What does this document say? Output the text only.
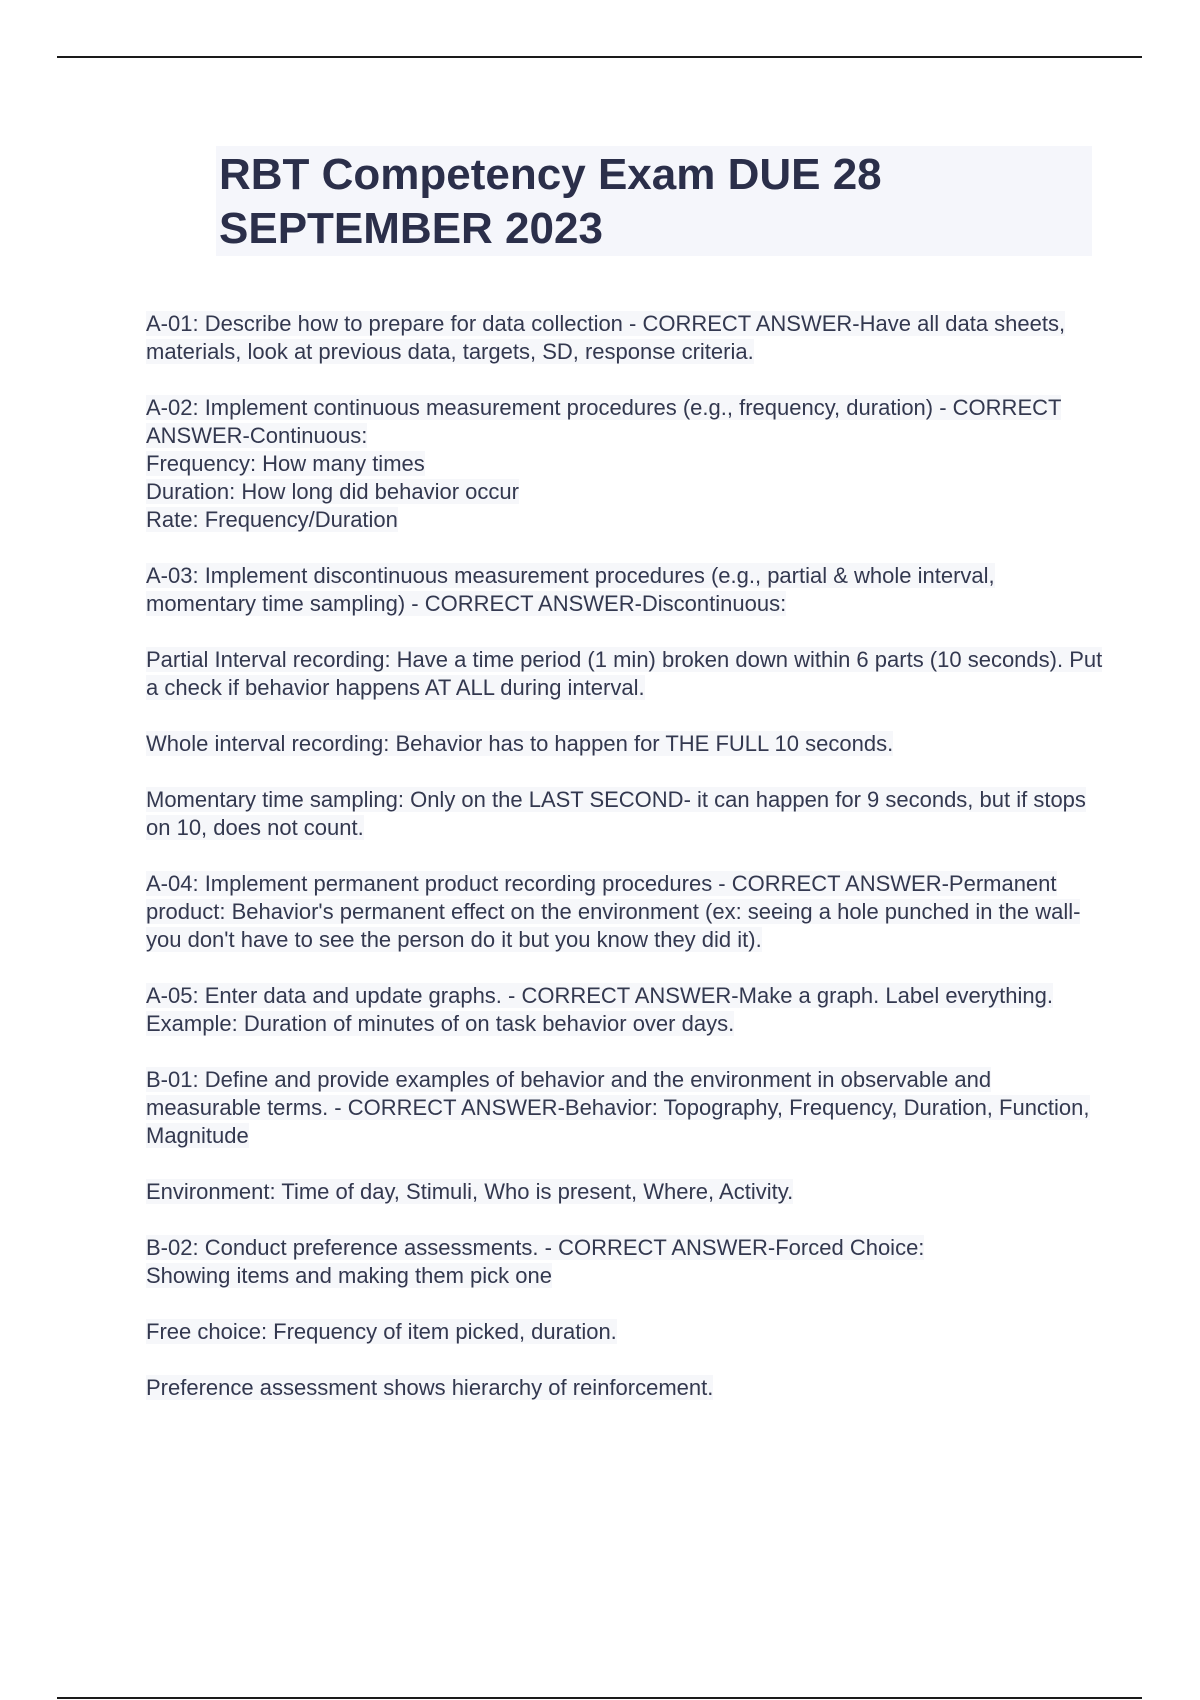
RBT Competency Exam DUE 28 SEPTEMBER 2023

A-01: Describe how to prepare for data collection - CORRECT ANSWER-Have all data sheets, materials, look at previous data, targets, SD, response criteria.

A-02: Implement continuous measurement procedures (e.g., frequency, duration) - CORRECT ANSWER-Continuous:
Frequency: How many times
Duration: How long did behavior occur
Rate: Frequency/Duration

A-03: Implement discontinuous measurement procedures (e.g., partial & whole interval, momentary time sampling) - CORRECT ANSWER-Discontinuous:

Partial Interval recording: Have a time period (1 min) broken down within 6 parts (10 seconds). Put a check if behavior happens AT ALL during interval.

Whole interval recording: Behavior has to happen for THE FULL 10 seconds.

Momentary time sampling: Only on the LAST SECOND- it can happen for 9 seconds, but if stops on 10, does not count.

A-04: Implement permanent product recording procedures - CORRECT ANSWER-Permanent product: Behavior's permanent effect on the environment (ex: seeing a hole punched in the wall- you don't have to see the person do it but you know they did it).

A-05: Enter data and update graphs. - CORRECT ANSWER-Make a graph. Label everything.
Example: Duration of minutes of on task behavior over days.

B-01: Define and provide examples of behavior and the environment in observable and measurable terms. - CORRECT ANSWER-Behavior: Topography, Frequency, Duration, Function, Magnitude

Environment: Time of day, Stimuli, Who is present, Where, Activity.

B-02: Conduct preference assessments. - CORRECT ANSWER-Forced Choice:
Showing items and making them pick one

Free choice: Frequency of item picked, duration.

Preference assessment shows hierarchy of reinforcement.
